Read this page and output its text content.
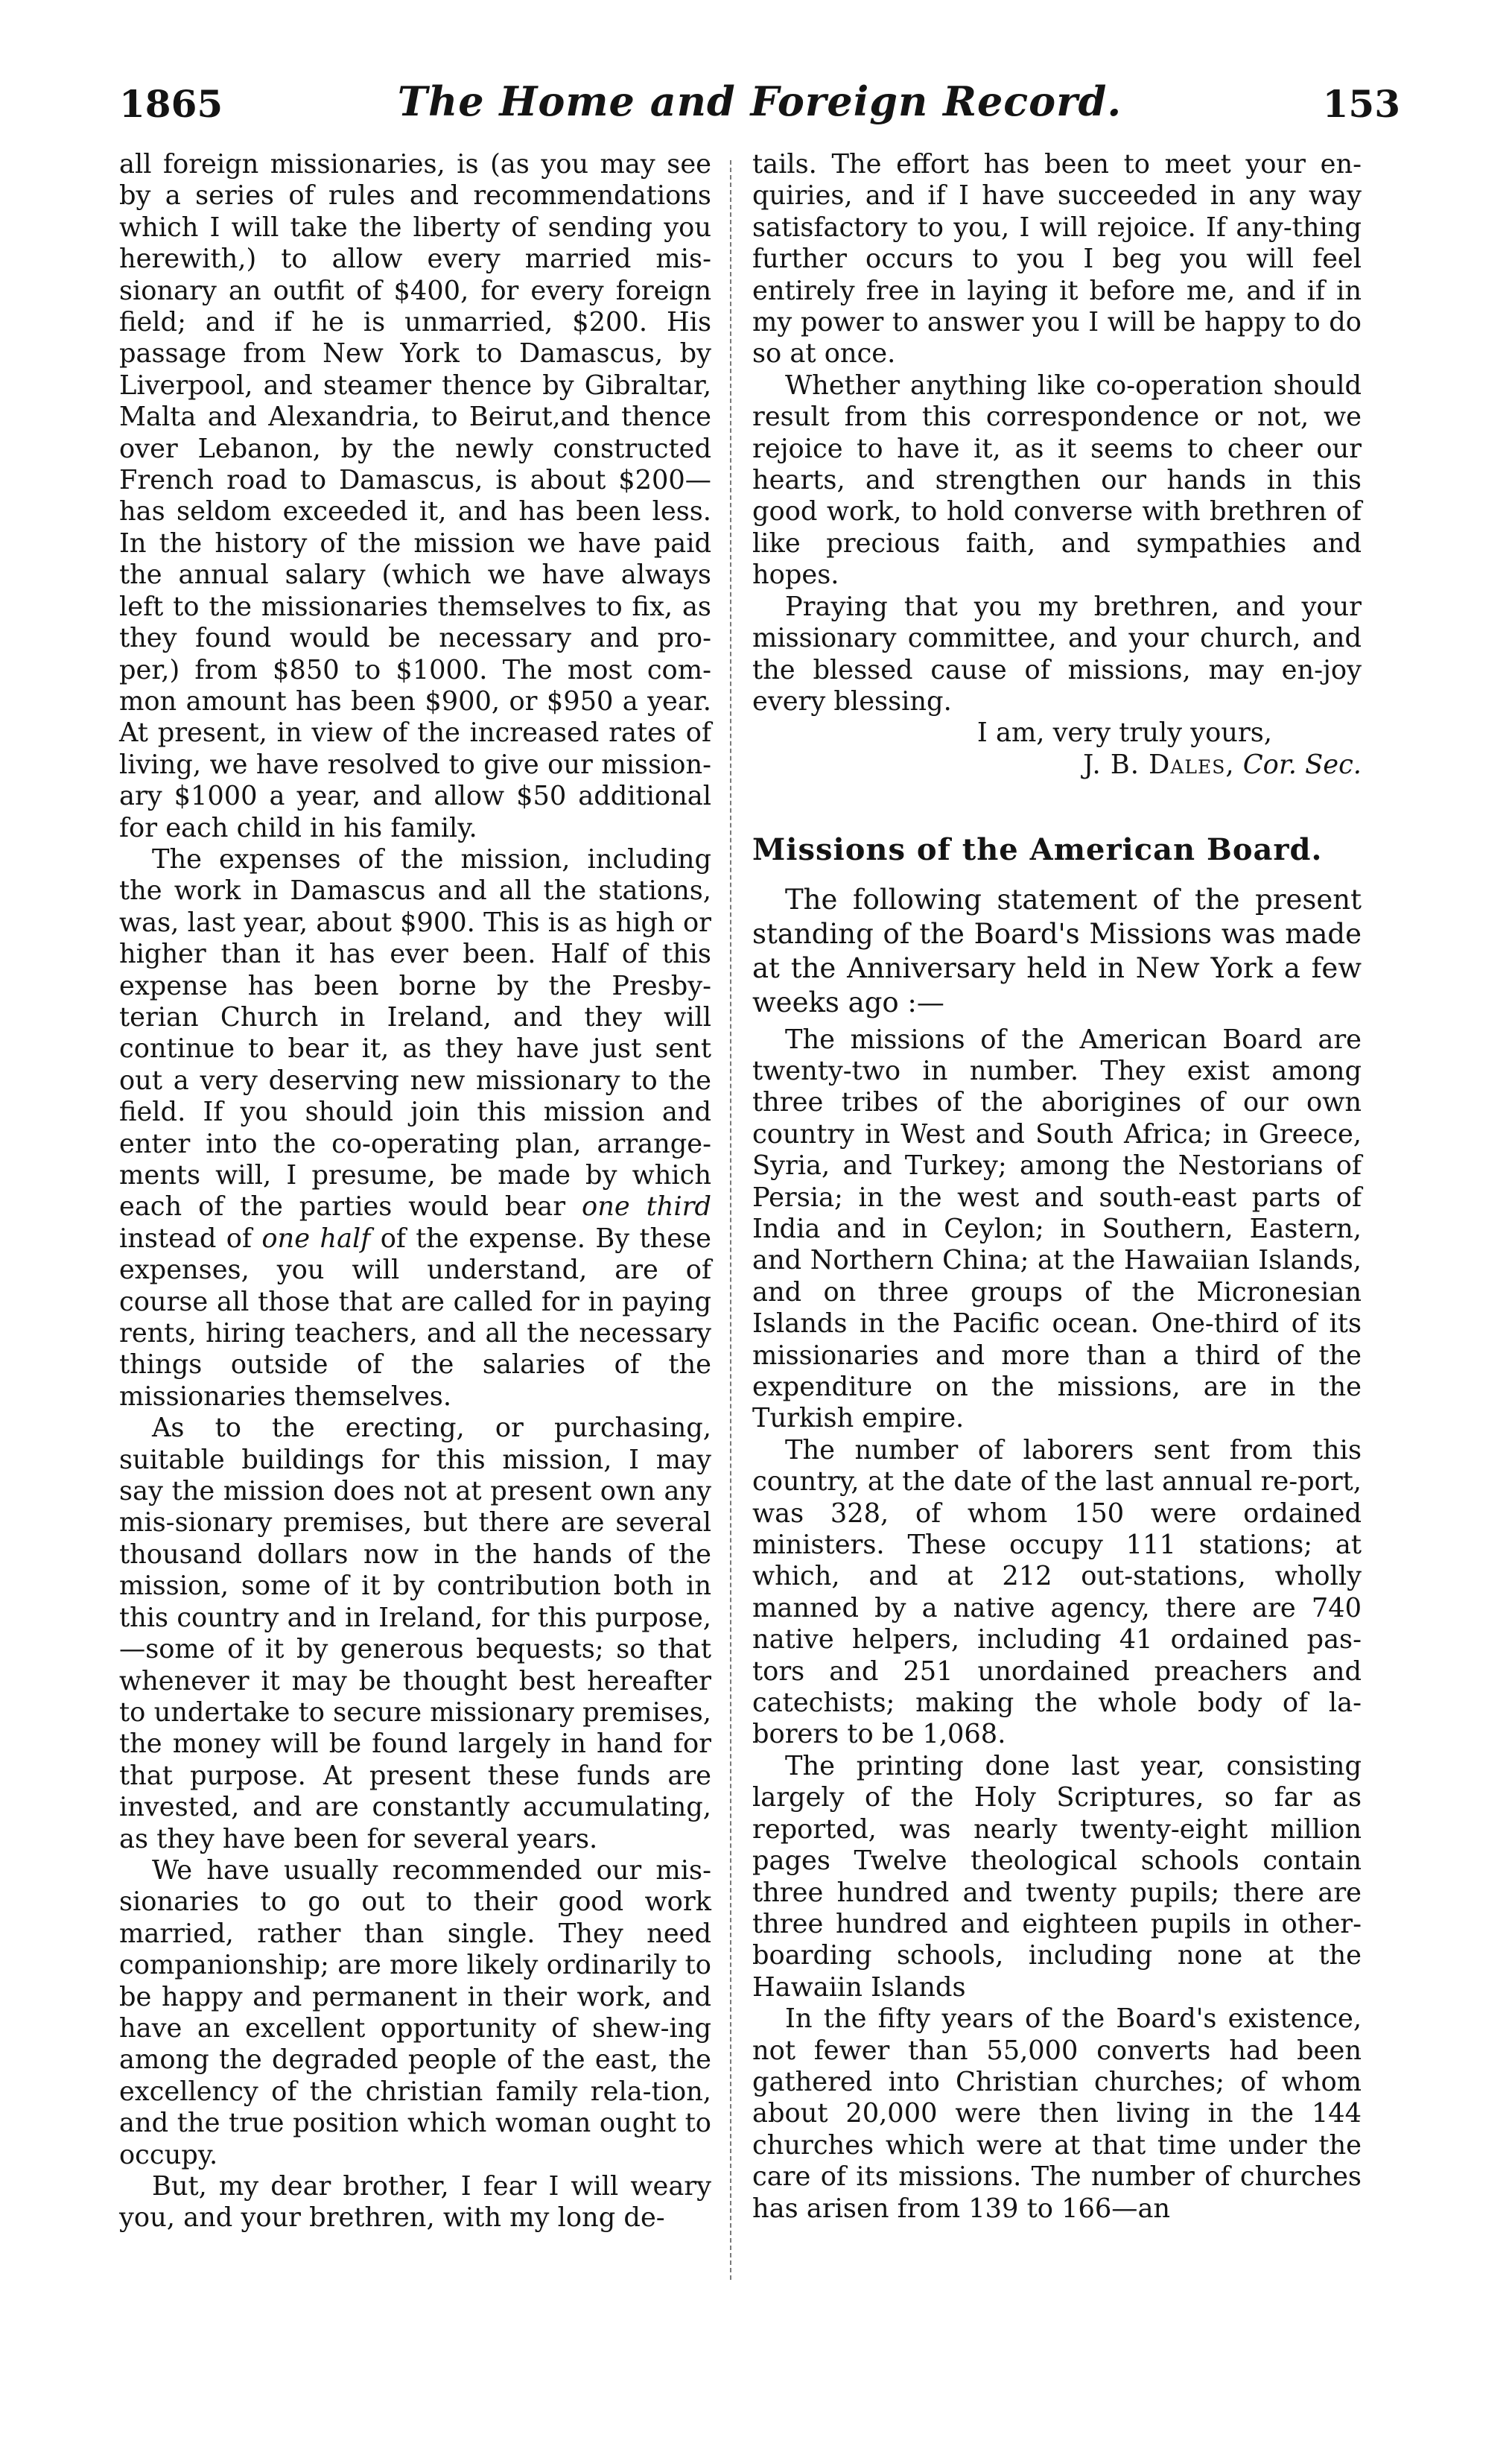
1865	The Home and Foreign Record.	153

all foreign missionaries, is (as you may see by a series of rules and recommendations which I will take the liberty of sending you herewith,) to allow every married mis-sionary an outfit of $400, for every foreign field; and if he is unmarried, $200. His passage from New York to Damascus, by Liverpool, and steamer thence by Gibraltar, Malta and Alexandria, to Beirut,and thence over Lebanon, by the newly constructed French road to Damascus, is about $200—has seldom exceeded it, and has been less. In the history of the mission we have paid the annual salary (which we have always left to the missionaries themselves to fix, as they found would be necessary and pro-per,) from $850 to $1000. The most com-mon amount has been $900, or $950 a year. At present, in view of the increased rates of living, we have resolved to give our mission-ary $1000 a year, and allow $50 additional for each child in his family.

The expenses of the mission, including the work in Damascus and all the stations, was, last year, about $900. This is as high or higher than it has ever been. Half of this expense has been borne by the Presby-terian Church in Ireland, and they will continue to bear it, as they have just sent out a very deserving new missionary to the field. If you should join this mission and enter into the co-operating plan, arrange-ments will, I presume, be made by which each of the parties would bear one third instead of one half of the expense. By these expenses, you will understand, are of course all those that are called for in paying rents, hiring teachers, and all the necessary things outside of the salaries of the missionaries themselves.

As to the erecting, or purchasing, suitable buildings for this mission, I may say the mission does not at present own any mis-sionary premises, but there are several thousand dollars now in the hands of the mission, some of it by contribution both in this country and in Ireland, for this purpose, —some of it by generous bequests; so that whenever it may be thought best hereafter to undertake to secure missionary premises, the money will be found largely in hand for that purpose. At present these funds are invested, and are constantly accumulating, as they have been for several years.

We have usually recommended our mis-sionaries to go out to their good work married, rather than single. They need companionship; are more likely ordinarily to be happy and permanent in their work, and have an excellent opportunity of shew-ing among the degraded people of the east, the excellency of the christian family rela-tion, and the true position which woman ought to occupy.

But, my dear brother, I fear I will weary you, and your brethren, with my long de-

tails. The effort has been to meet your en-quiries, and if I have succeeded in any way satisfactory to you, I will rejoice. If any-thing further occurs to you I beg you will feel entirely free in laying it before me, and if in my power to answer you I will be happy to do so at once.

Whether anything like co-operation should result from this correspondence or not, we rejoice to have it, as it seems to cheer our hearts, and strengthen our hands in this good work, to hold converse with brethren of like precious faith, and sympathies and hopes.

Praying that you my brethren, and your missionary committee, and your church, and the blessed cause of missions, may en-joy every blessing.

I am, very truly yours,
J. B. Dales, Cor. Sec.
Missions of the American Board.

The following statement of the present standing of the Board's Missions was made at the Anniversary held in New York a few weeks ago :—

The missions of the American Board are twenty-two in number. They exist among three tribes of the aborigines of our own country in West and South Africa; in Greece, Syria, and Turkey; among the Nestorians of Persia; in the west and south-east parts of India and in Ceylon; in Southern, Eastern, and Northern China; at the Hawaiian Islands, and on three groups of the Micronesian Islands in the Pacific ocean. One-third of its missionaries and more than a third of the expenditure on the missions, are in the Turkish empire.

The number of laborers sent from this country, at the date of the last annual re-port, was 328, of whom 150 were ordained ministers. These occupy 111 stations; at which, and at 212 out-stations, wholly manned by a native agency, there are 740 native helpers, including 41 ordained pas-tors and 251 unordained preachers and catechists; making the whole body of la-borers to be 1,068.

The printing done last year, consisting largely of the Holy Scriptures, so far as reported, was nearly twenty-eight million pages Twelve theological schools contain three hundred and twenty pupils; there are three hundred and eighteen pupils in other-boarding schools, including none at the Hawaiin Islands

In the fifty years of the Board's existence, not fewer than 55,000 converts had been gathered into Christian churches; of whom about 20,000 were then living in the 144 churches which were at that time under the care of its missions. The number of churches has arisen from 139 to 166—an
